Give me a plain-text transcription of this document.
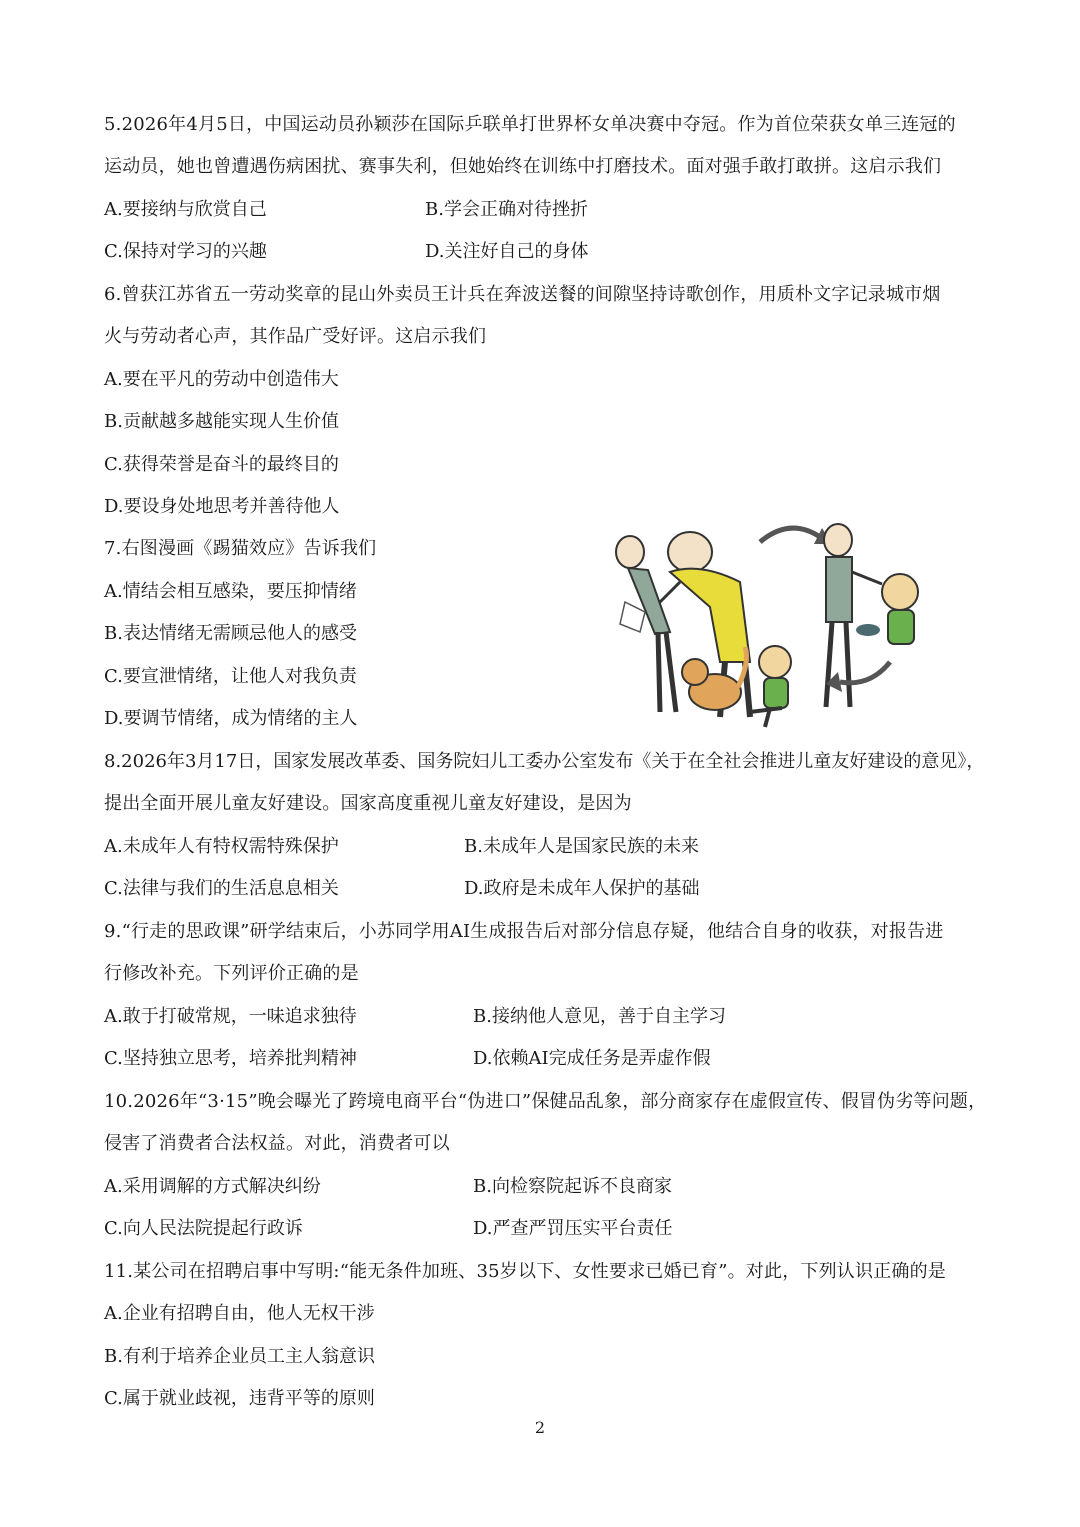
5.2026年4月5日，中国运动员孙颖莎在国际乒联单打世界杯女单决赛中夺冠。作为首位荣获女单三连冠的
运动员，她也曾遭遇伤病困扰、赛事失利，但她始终在训练中打磨技术。面对强手敢打敢拼。这启示我们
A.要接纳与欣赏自己	B.学会正确对待挫折
C.保持对学习的兴趣	D.关注好自己的身体
6.曾获江苏省五一劳动奖章的昆山外卖员王计兵在奔波送餐的间隙坚持诗歌创作，用质朴文字记录城市烟
火与劳动者心声，其作品广受好评。这启示我们
A.要在平凡的劳动中创造伟大
B.贡献越多越能实现人生价值
C.获得荣誉是奋斗的最终目的
D.要设身处地思考并善待他人
7.右图漫画《踢猫效应》告诉我们
A.情结会相互感染，要压抑情绪
B.表达情绪无需顾忌他人的感受
C.要宣泄情绪，让他人对我负责
D.要调节情绪，成为情绪的主人
8.2026年3月17日，国家发展改革委、国务院妇儿工委办公室发布《关于在全社会推进儿童友好建设的意见》，
提出全面开展儿童友好建设。国家高度重视儿童友好建设，是因为
A.未成年人有特权需特殊保护	B.未成年人是国家民族的未来
C.法律与我们的生活息息相关	D.政府是未成年人保护的基础
9.“行走的思政课”研学结束后，小苏同学用AI生成报告后对部分信息存疑，他结合自身的收获，对报告进
行修改补充。下列评价正确的是
A.敢于打破常规，一味追求独待	B.接纳他人意见，善于自主学习
C.坚持独立思考，培养批判精神	D.依赖AI完成任务是弄虚作假
10.2026年“3·15”晚会曝光了跨境电商平台“伪进口”保健品乱象，部分商家存在虚假宣传、假冒伪劣等问题，
侵害了消费者合法权益。对此，消费者可以
A.采用调解的方式解决纠纷	B.向检察院起诉不良商家
C.向人民法院提起行政诉	D.严查严罚压实平台责任
11.某公司在招聘启事中写明:“能无条件加班、35岁以下、女性要求已婚已育”。对此，下列认识正确的是
A.企业有招聘自由，他人无权干涉
B.有利于培养企业员工主人翁意识
C.属于就业歧视，违背平等的原则
2
